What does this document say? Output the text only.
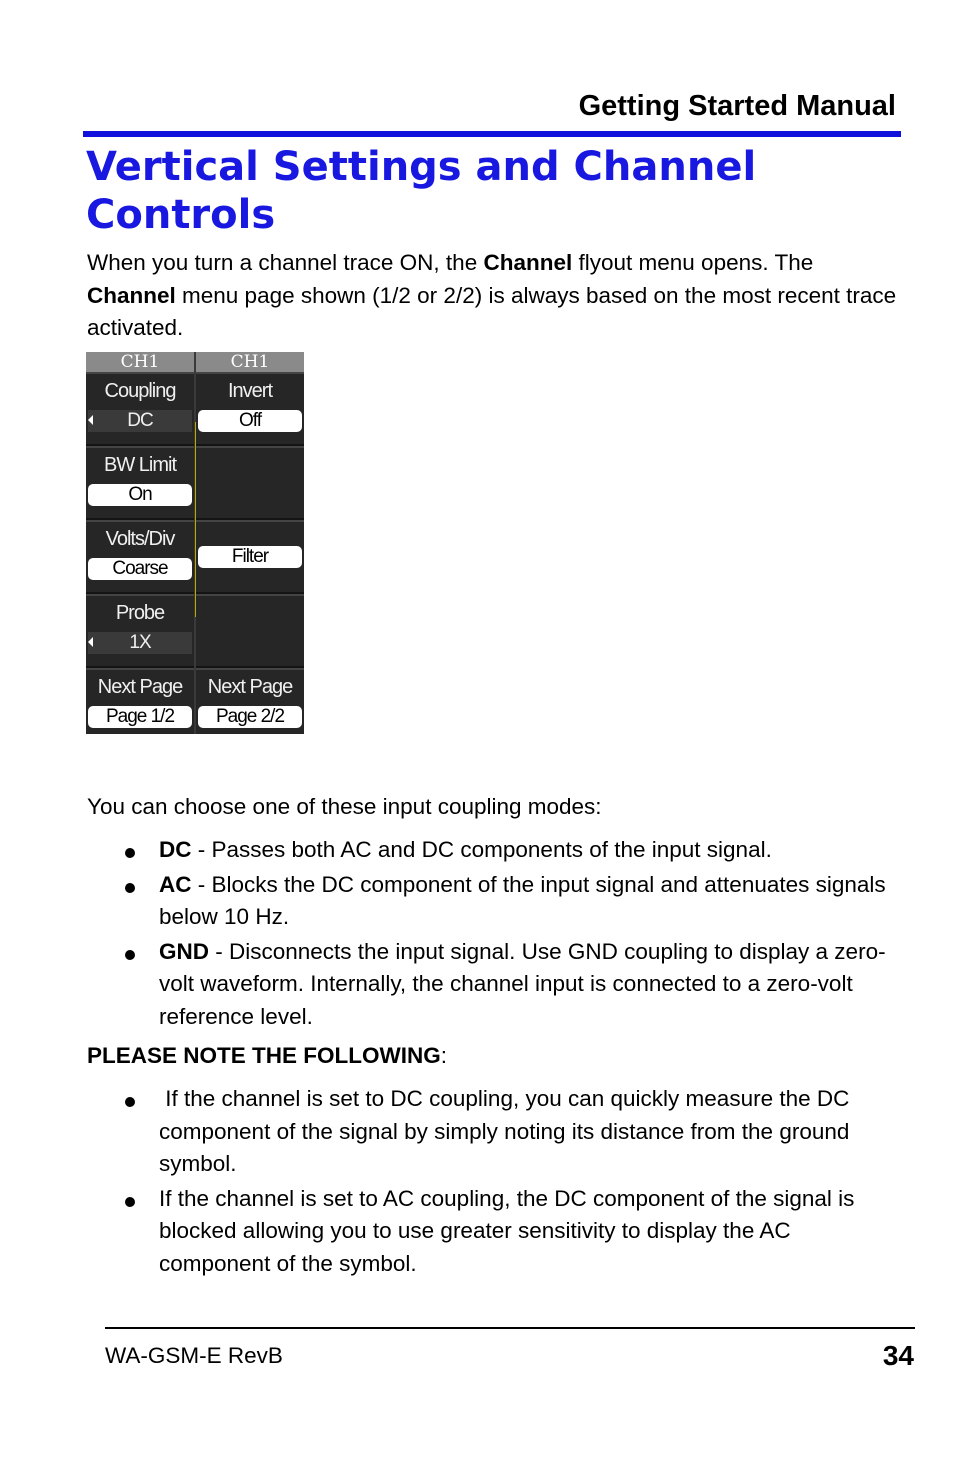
Getting Started Manual
Vertical Settings and Channel Controls

When you turn a channel trace ON, the Channel flyout menu opens. The Channel menu page shown (1/2 or 2/2) is always based on the most recent trace activated.

CH1
Coupling
DC
BW Limit
On
Volts/Div
Coarse
Probe
1X
Next Page
Page 1/2
CH1
Invert
Off
Filter
Next Page
Page 2/2

You can choose one of these input coupling modes:

DC - Passes both AC and DC components of the input signal.
AC - Blocks the DC component of the input signal and attenuates signals below 10 Hz.
GND - Disconnects the input signal. Use GND coupling to display a zero-volt waveform. Internally, the channel input is connected to a zero-volt reference level.

PLEASE NOTE THE FOLLOWING:

If the channel is set to DC coupling, you can quickly measure the DC component of the signal by simply noting its distance from the ground symbol.
If the channel is set to AC coupling, the DC component of the signal is blocked allowing you to use greater sensitivity to display the AC component of the symbol.
WA-GSM-E RevB	34
